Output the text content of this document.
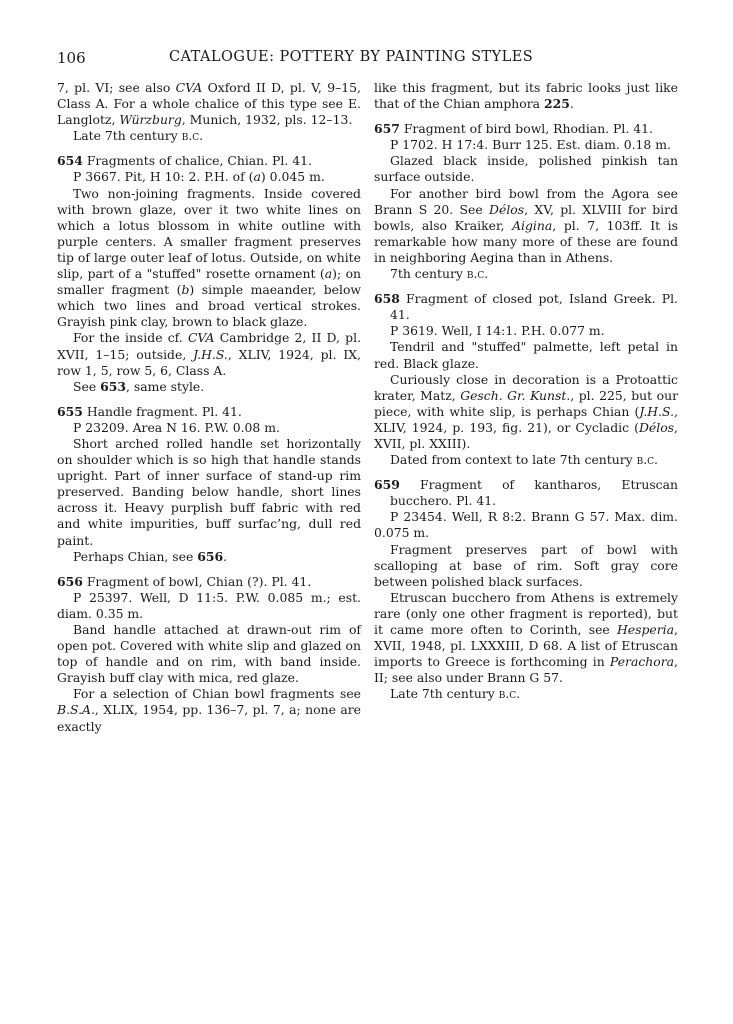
106	CATALOGUE: POTTERY BY PAINTING STYLES

7, pl. VI; see also CVA Oxford II D, pl. V, 9–15, Class A. For a whole chalice of this type see E. Langlotz, Würzburg, Munich, 1932, pls. 12–13.

Late 7th century b.c.

654 Fragments of chalice, Chian. Pl. 41.

P 3667. Pit, H 10: 2. P.H. of (a) 0.045 m.

Two non-joining fragments. Inside covered with brown glaze, over it two white lines on which a lotus blossom in white outline with purple centers. A smaller fragment preserves tip of large outer leaf of lotus. Outside, on white slip, part of a "stuffed" rosette ornament (a); on smaller fragment (b) simple maeander, below which two lines and broad vertical strokes. Grayish pink clay, brown to black glaze.

For the inside cf. CVA Cambridge 2, II D, pl. XVII, 1–15; outside, J.H.S., XLIV, 1924, pl. IX, row 1, 5, row 5, 6, Class A.

See 653, same style.

655 Handle fragment. Pl. 41.

P 23209. Area N 16. P.W. 0.08 m.

Short arched rolled handle set horizontally on shoulder which is so high that handle stands upright. Part of inner surface of stand-up rim preserved. Banding below handle, short lines across it. Heavy purplish buff fabric with red and white impurities, buff surfac’ng, dull red paint.

Perhaps Chian, see 656.

656 Fragment of bowl, Chian (?). Pl. 41.

P 25397. Well, D 11:5. P.W. 0.085 m.; est. diam. 0.35 m.

Band handle attached at drawn-out rim of open pot. Covered with white slip and glazed on top of handle and on rim, with band inside. Grayish buff clay with mica, red glaze.

For a selection of Chian bowl fragments see B.S.A., XLIX, 1954, pp. 136–7, pl. 7, a; none are exactly

like this fragment, but its fabric looks just like that of the Chian amphora 225.

657 Fragment of bird bowl, Rhodian. Pl. 41.

P 1702. H 17:4. Burr 125. Est. diam. 0.18 m.

Glazed black inside, polished pinkish tan surface outside.

For another bird bowl from the Agora see Brann S 20. See Délos, XV, pl. XLVIII for bird bowls, also Kraiker, Aigina, pl. 7, 103ff. It is remarkable how many more of these are found in neighboring Aegina than in Athens.

7th century b.c.

658 Fragment of closed pot, Island Greek. Pl. 41.

P 3619. Well, I 14:1. P.H. 0.077 m.

Tendril and "stuffed" palmette, left petal in red. Black glaze.

Curiously close in decoration is a Protoattic krater, Matz, Gesch. Gr. Kunst., pl. 225, but our piece, with white slip, is perhaps Chian (J.H.S., XLIV, 1924, p. 193, fig. 21), or Cycladic (Délos, XVII, pl. XXIII).

Dated from context to late 7th century b.c.

659 Fragment of kantharos, Etruscan bucchero. Pl. 41.

P 23454. Well, R 8:2. Brann G 57. Max. dim. 0.075 m.

Fragment preserves part of bowl with scalloping at base of rim. Soft gray core between polished black surfaces.

Etruscan bucchero from Athens is extremely rare (only one other fragment is reported), but it came more often to Corinth, see Hesperia, XVII, 1948, pl. LXXXIII, D 68. A list of Etruscan imports to Greece is forthcoming in Perachora, II; see also under Brann G 57.

Late 7th century b.c.
